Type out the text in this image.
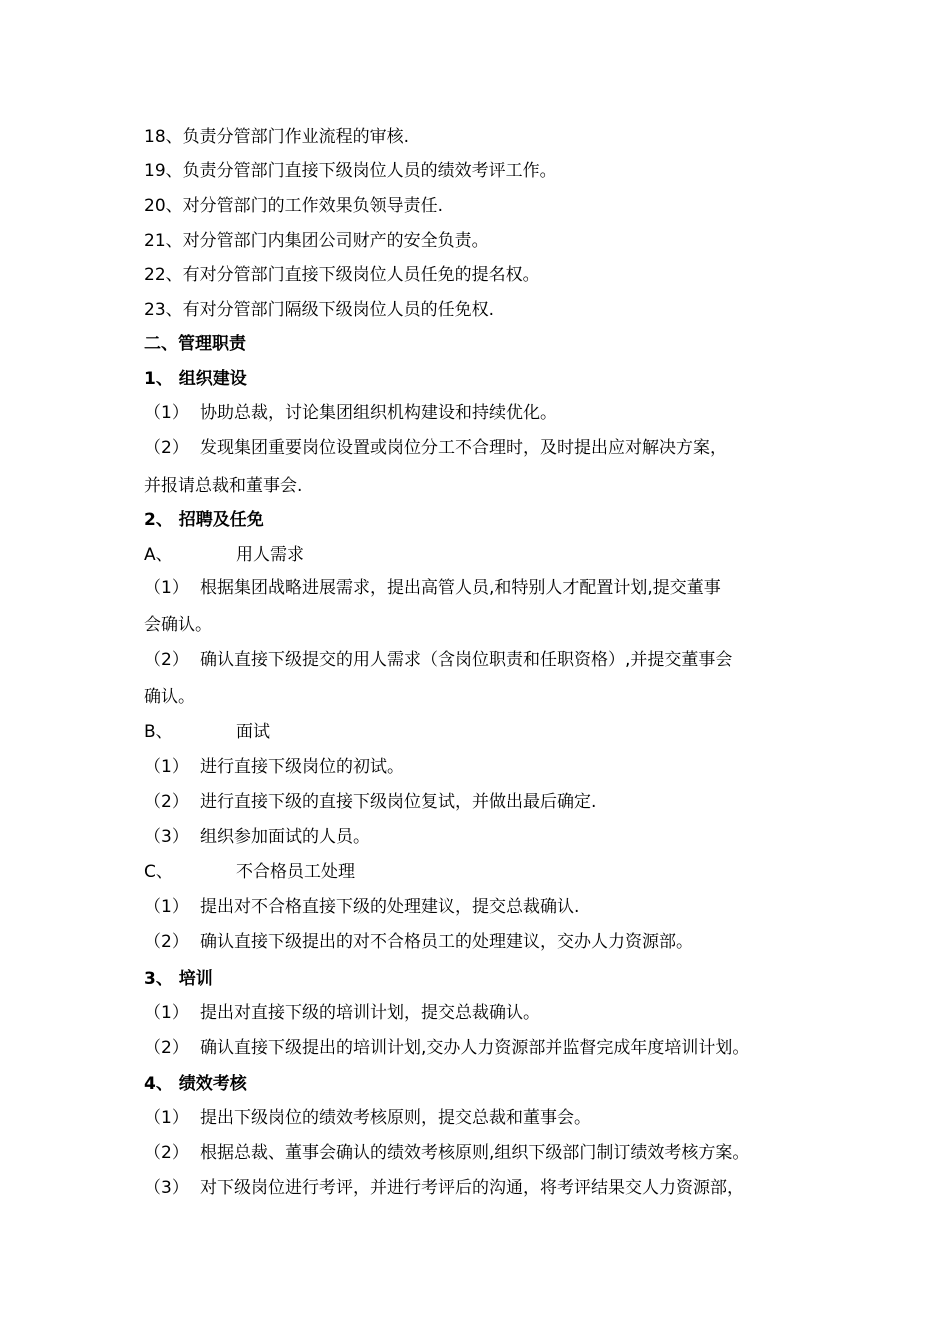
18、负责分管部门作业流程的审核.
19、负责分管部门直接下级岗位人员的绩效考评工作。
20、对分管部门的工作效果负领导责任.
21、对分管部门内集团公司财产的安全负责。
22、有对分管部门直接下级岗位人员任免的提名权。
23、有对分管部门隔级下级岗位人员的任免权.
二、管理职责
1、 组织建设
（1） 协助总裁，讨论集团组织机构建设和持续优化。
（2） 发现集团重要岗位设置或岗位分工不合理时，及时提出应对解决方案，
并报请总裁和董事会.
2、 招聘及任免
A、	用人需求
（1） 根据集团战略进展需求，提出高管人员,和特别人才配置计划,提交董事
会确认。
（2） 确认直接下级提交的用人需求（含岗位职责和任职资格）,并提交董事会
确认。
B、	面试
（1） 进行直接下级岗位的初试。
（2） 进行直接下级的直接下级岗位复试，并做出最后确定.
（3） 组织参加面试的人员。
C、	不合格员工处理
（1） 提出对不合格直接下级的处理建议，提交总裁确认.
（2） 确认直接下级提出的对不合格员工的处理建议，交办人力资源部。
3、 培训
（1） 提出对直接下级的培训计划，提交总裁确认。
（2） 确认直接下级提出的培训计划,交办人力资源部并监督完成年度培训计划。
4、 绩效考核
（1） 提出下级岗位的绩效考核原则，提交总裁和董事会。
（2） 根据总裁、董事会确认的绩效考核原则,组织下级部门制订绩效考核方案。
（3） 对下级岗位进行考评，并进行考评后的沟通，将考评结果交人力资源部，
